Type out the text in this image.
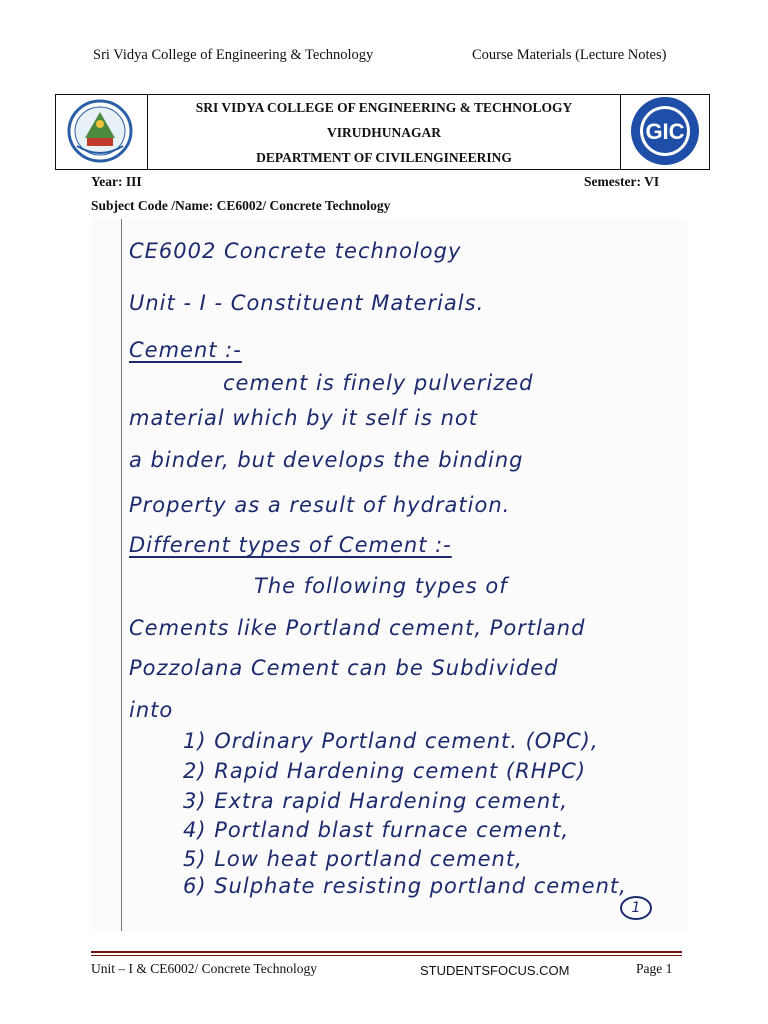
Sri Vidya College of Engineering & Technology	Course Materials (Lecture Notes)
GIC
SRI VIDYA COLLEGE OF ENGINEERING & TECHNOLOGY
VIRUDHUNAGAR
DEPARTMENT OF CIVILENGINEERING
Year: III	Semester: VI
Subject Code /Name: CE6002/ Concrete Technology
CE6002 Concrete technology
Unit - I - Constituent Materials.
Cement :-
cement is finely pulverized
material which by it self is not
a binder, but develops the binding
Property as a result of hydration.
Different types of Cement :-
The following types of
Cements like Portland cement, Portland
Pozzolana Cement can be Subdivided
into
1) Ordinary Portland cement. (OPC),
2) Rapid Hardening cement (RHPC)
3) Extra rapid Hardening cement,
4) Portland blast furnace cement,
5) Low heat portland cement,
6) Sulphate resisting portland cement,
1
Unit – I & CE6002/ Concrete Technology	STUDENTSFOCUS.COM	Page 1
